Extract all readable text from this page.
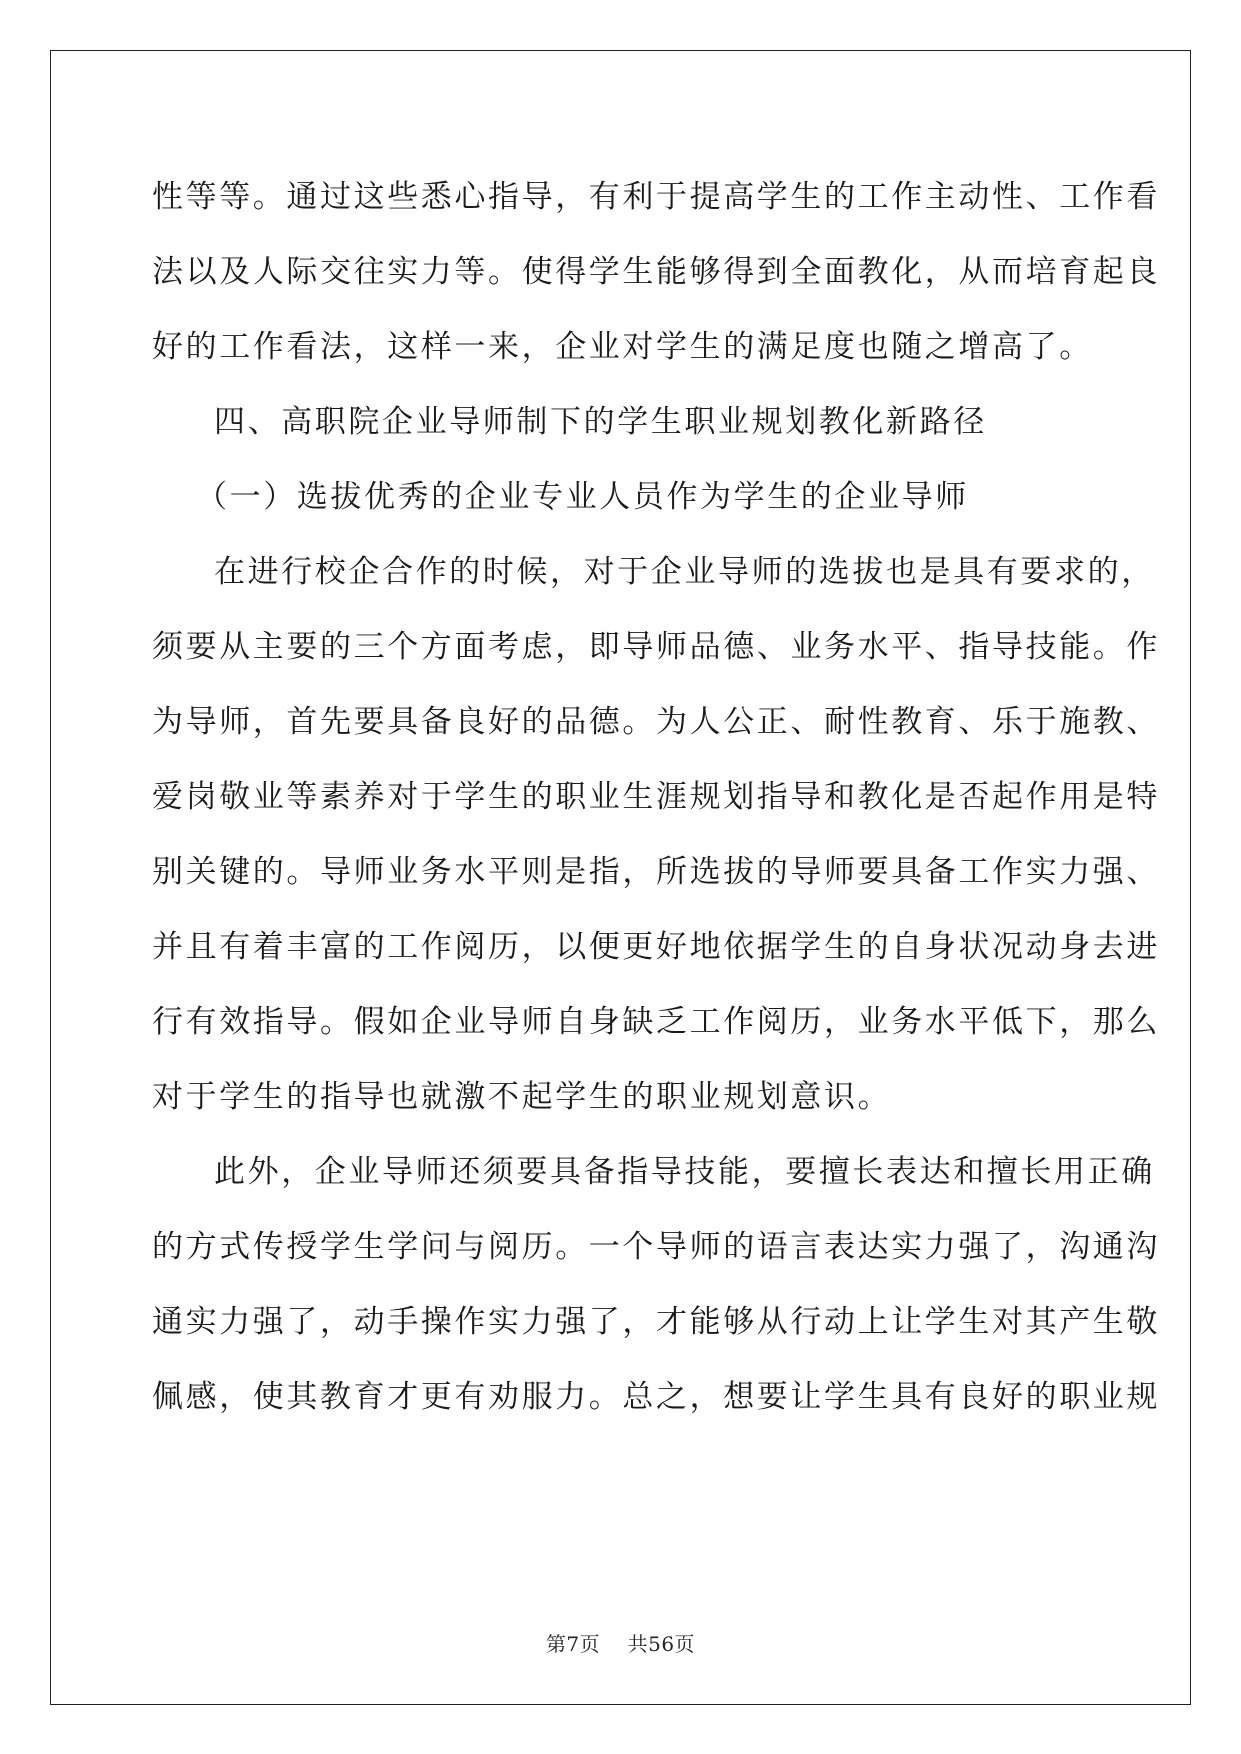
性等等。通过这些悉心指导，有利于提高学生的工作主动性、工作看
法以及人际交往实力等。使得学生能够得到全面教化，从而培育起良
好的工作看法，这样一来，企业对学生的满足度也随之增高了。
四、高职院企业导师制下的学生职业规划教化新路径
（一）选拔优秀的企业专业人员作为学生的企业导师
在进行校企合作的时候，对于企业导师的选拔也是具有要求的，
须要从主要的三个方面考虑，即导师品德、业务水平、指导技能。作
为导师，首先要具备良好的品德。为人公正、耐性教育、乐于施教、
爱岗敬业等素养对于学生的职业生涯规划指导和教化是否起作用是特
别关键的。导师业务水平则是指，所选拔的导师要具备工作实力强、
并且有着丰富的工作阅历，以便更好地依据学生的自身状况动身去进
行有效指导。假如企业导师自身缺乏工作阅历，业务水平低下，那么
对于学生的指导也就激不起学生的职业规划意识。
此外，企业导师还须要具备指导技能，要擅长表达和擅长用正确
的方式传授学生学问与阅历。一个导师的语言表达实力强了，沟通沟
通实力强了，动手操作实力强了，才能够从行动上让学生对其产生敬
佩感，使其教育才更有劝服力。总之，想要让学生具有良好的职业规
第7页 共56页
